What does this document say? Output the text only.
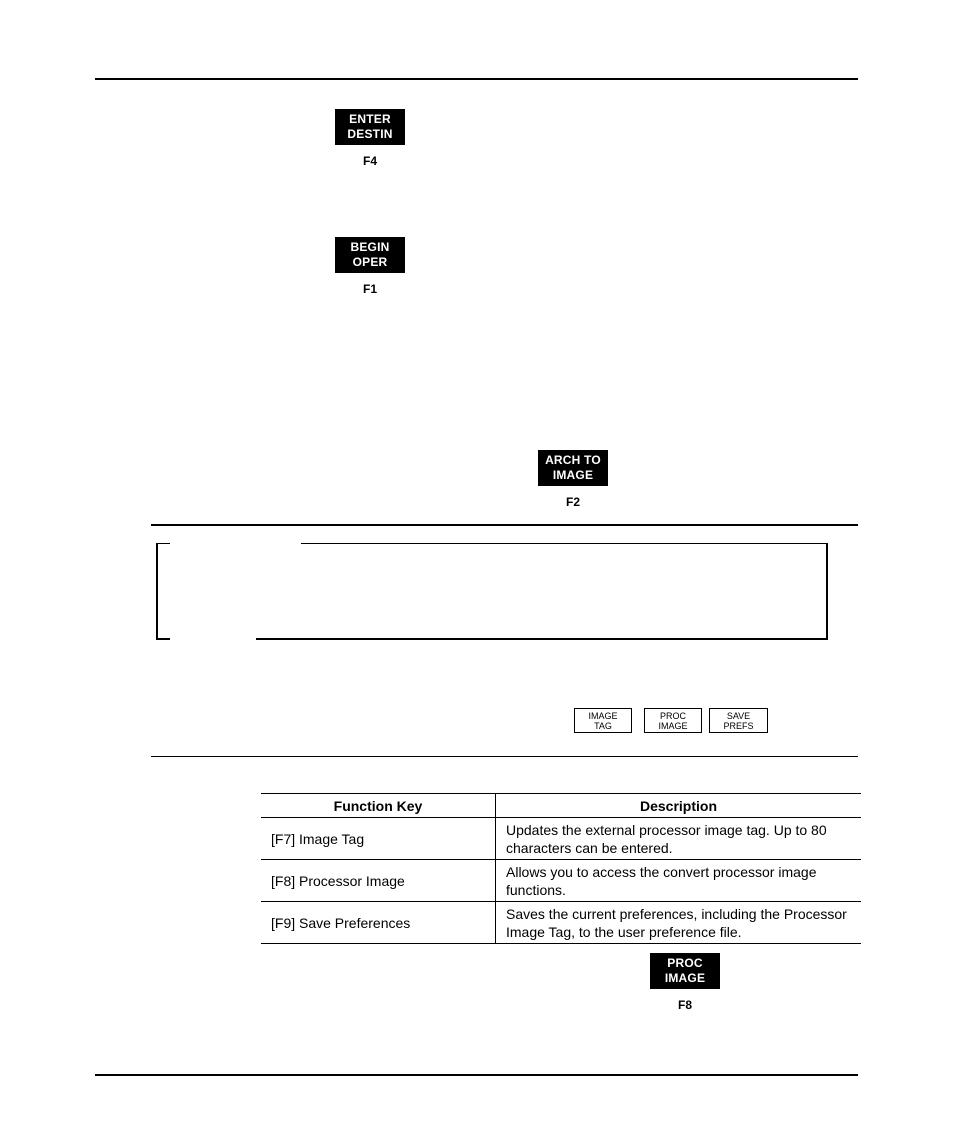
ENTER
DESTIN
F4
BEGIN
OPER
F1
ARCH TO
IMAGE
F2
IMAGE
TAG
PROC
IMAGE
SAVE
PREFS
Function Key	Description
[F7] Image Tag	Updates the external processor image tag. Up to 80 characters can be entered.
[F8] Processor Image	Allows you to access the convert processor image functions.
[F9] Save Preferences	Saves the current preferences, including the Processor Image Tag, to the user preference file.
PROC
IMAGE
F8
